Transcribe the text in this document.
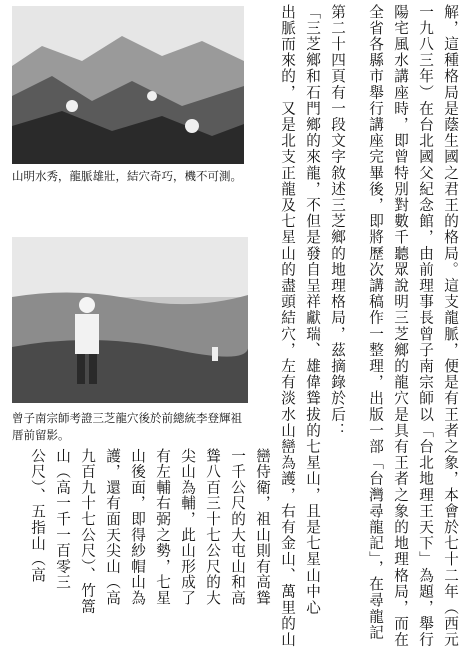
山明水秀，龍脈雄壯，結穴奇巧，機不可測。
曾子南宗師考證三芝龍穴後於前總統李登輝祖厝前留影。	解，這種格局是蔭生國之君王的格局。這支龍脈，便是有王者之象，本會於七十二年（西元
一九八三年）在台北國父紀念館，由前理事長曾子南宗師以「台北地理王天下」為題，舉行
陽宅風水講座時，即曾特別對數千聽眾說明三芝鄉的龍穴是具有王者之象的地理格局，而在
全省各縣市舉行講座完畢後，即將歷次講稿作一整理，出版一部「台灣尋龍記」，在尋龍記
第二十四頁有一段文字敘述三芝鄉的地理格局，茲摘錄於后：
「三芝鄉和石門鄉的來龍，不但是發自呈祥獻瑞、雄偉聳拔的七星山，且是七星山中心
出脈而來的，又是北支正龍及七星山的盡頭結穴，左有淡水山巒為護，右有金山、萬里的山
巒侍衛，祖山則有高聳
一千公尺的大屯山和高
聳八百三十七公尺的大
尖山為輔，此山形成了
有左輔右弼之勢，七星
山後面，即得紗帽山為
護，還有面天尖山（高
九百九十七公尺）、竹篙
山（高一千一百零三
公尺）、五指山（高
